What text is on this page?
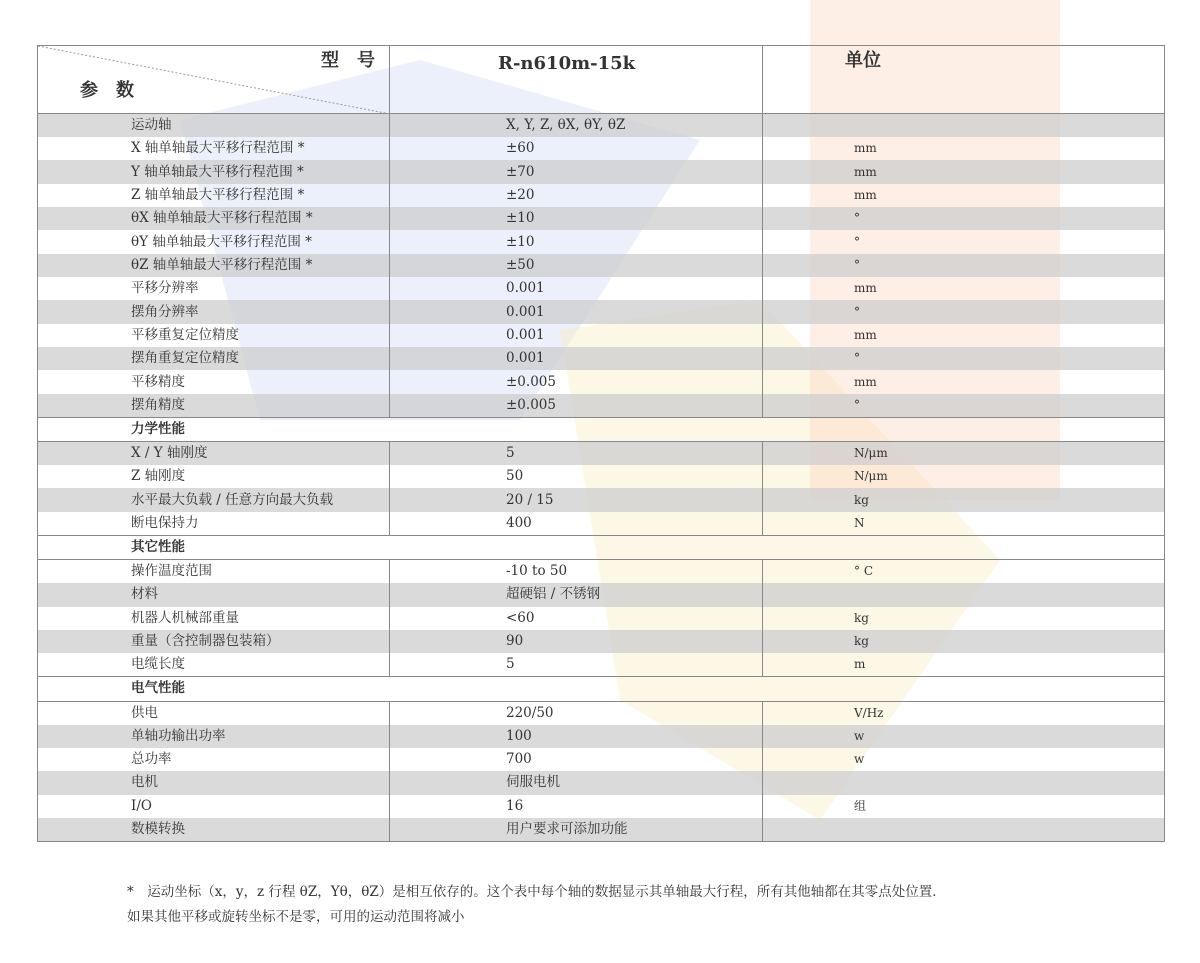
型　号
参　数	R-n610m-15k	单位

运动轴	X, Y, Z, θX, θY, θZ	
X 轴单轴最大平移行程范围 *	±60	mm
Y 轴单轴最大平移行程范围 *	±70	mm
Z 轴单轴最大平移行程范围 *	±20	mm
θX 轴单轴最大平移行程范围 *	±10	°
θY 轴单轴最大平移行程范围 *	±10	°
θZ 轴单轴最大平移行程范围 *	±50	°
平移分辨率	0.001	mm
摆角分辨率	0.001	°
平移重复定位精度	0.001	mm
摆角重复定位精度	0.001	°
平移精度	±0.005	mm
摆角精度	±0.005	°
力学性能		
X / Y 轴刚度	5	N/μm
Z 轴刚度	50	N/μm
水平最大负载 / 任意方向最大负载	20 / 15	kg
断电保持力	400	N
其它性能		
操作温度范围	-10 to 50	° C
材料	超硬铝 / 不锈钢	
机器人机械部重量	<60	kg
重量（含控制器包装箱）	90	kg
电缆长度	5	m
电气性能		
供电	220/50	V/Hz
单轴功输出功率	100	w
总功率	700	w
电机	伺服电机	
I/O	16	组
数模转换	用户要求可添加功能	
*　运动坐标（x，y，z 行程 θZ，Yθ，θZ）是相互依存的。这个表中每个轴的数据显示其单轴最大行程，所有其他轴都在其零点处位置．
如果其他平移或旋转坐标不是零，可用的运动范围将减小
